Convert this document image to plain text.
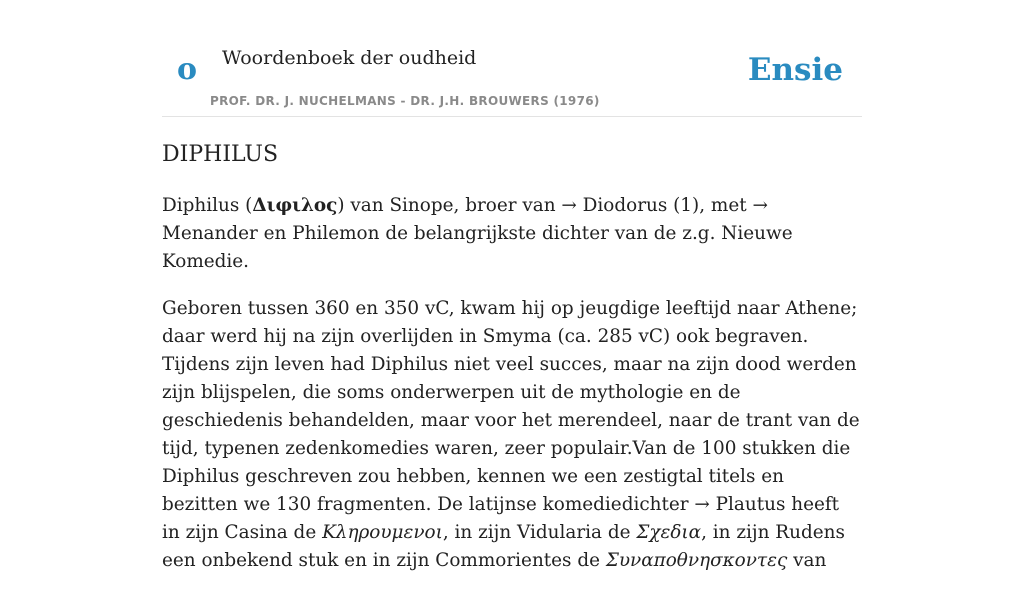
o Woordenboek der oudheid
PROF. DR. J. NUCHELMANS - DR. J.H. BROUWERS (1976)
Ensie
DIPHILUS

Diphilus (Διφιλος) van Sinope, broer van → Diodorus (1), met → Menander en Philemon de belangrijkste dichter van de z.g. Nieuwe Komedie.

Geboren tussen 360 en 350 vC, kwam hij op jeugdige leeftijd naar Athene; daar werd hij na zijn overlijden in Smyma (ca. 285 vC) ook begraven. Tijdens zijn leven had Diphilus niet veel succes, maar na zijn dood werden zijn blijspelen, die soms onderwerpen uit de mythologie en de geschiedenis behandelden, maar voor het merendeel, naar de trant van de tijd, typenen zedenkomedies waren, zeer populair.Van de 100 stukken die Diphilus geschreven zou hebben, kennen we een zestigtal titels en bezitten we 130 fragmenten. De latijnse komediedichter → Plautus heeft in zijn Casina de Κληρουμενοι, in zijn Vidularia de Σχεδια, in zijn Rudens een onbekend stuk en in zijn Commorientes de Συναποθνησκοντες van
